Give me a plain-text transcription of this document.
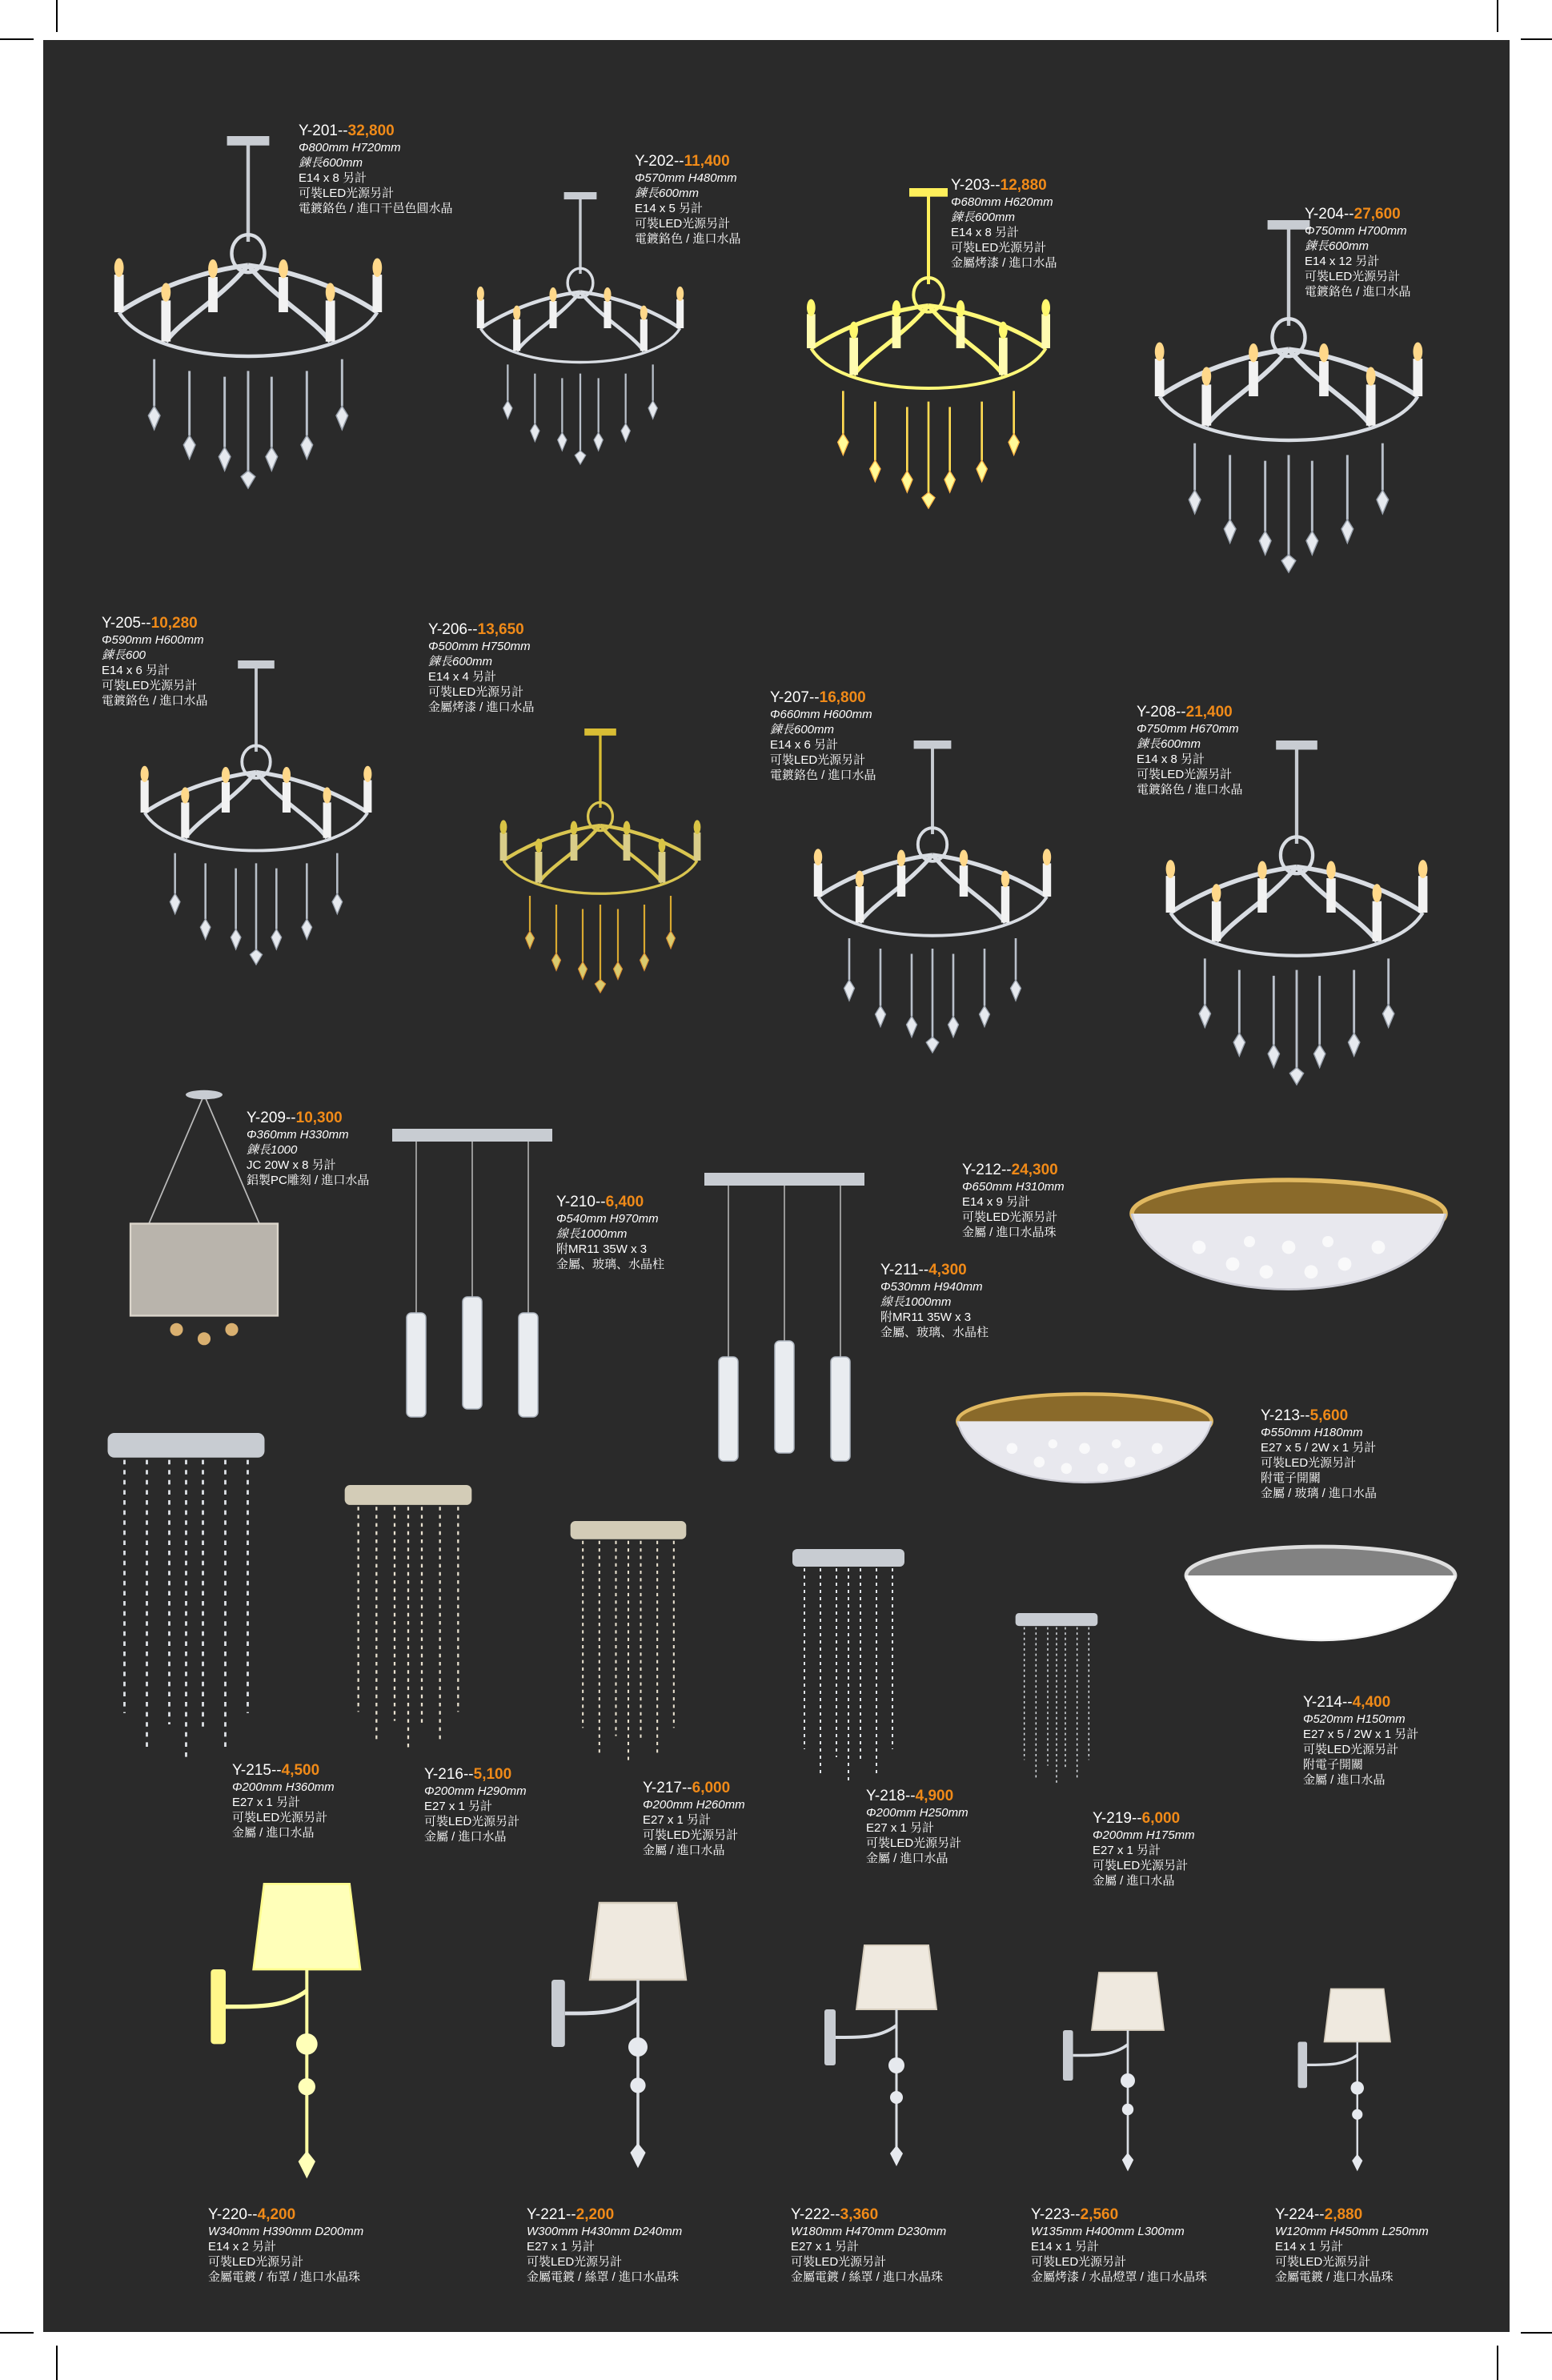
Y-201--32,800
Φ800mm H720mm
鍊長600mm
E14 x 8 另計
可裝LED光源另計
電鍍鉻色 / 進口干邑色圓水晶
Y-202--11,400
Φ570mm H480mm
鍊長600mm
E14 x 5 另計
可裝LED光源另計
電鍍鉻色 / 進口水晶
Y-203--12,880
Φ680mm H620mm
鍊長600mm
E14 x 8 另計
可裝LED光源另計
金屬烤漆 / 進口水晶
Y-204--27,600
Φ750mm H700mm
鍊長600mm
E14 x 12 另計
可裝LED光源另計
電鍍鉻色 / 進口水晶
Y-205--10,280
Φ590mm H600mm
鍊長600
E14 x 6 另計
可裝LED光源另計
電鍍鉻色 / 進口水晶
Y-206--13,650
Φ500mm H750mm
鍊長600mm
E14 x 4 另計
可裝LED光源另計
金屬烤漆 / 進口水晶
Y-207--16,800
Φ660mm H600mm
鍊長600mm
E14 x 6 另計
可裝LED光源另計
電鍍鉻色 / 進口水晶
Y-208--21,400
Φ750mm H670mm
鍊長600mm
E14 x 8 另計
可裝LED光源另計
電鍍鉻色 / 進口水晶
Y-209--10,300
Φ360mm H330mm
鍊長1000
JC 20W x 8 另計
鋁製PC雕刻 / 進口水晶
Y-210--6,400
Φ540mm H970mm
線長1000mm
附MR11 35W x 3
金屬、玻璃、水晶柱	Y-211--4,300
Φ530mm H940mm
線長1000mm
附MR11 35W x 3
金屬、玻璃、水晶柱
Y-212--24,300
Φ650mm H310mm
E14 x 9 另計
可裝LED光源另計
金屬 / 進口水晶珠
Y-213--5,600
Φ550mm H180mm
E27 x 5 / 2W x 1 另計
可裝LED光源另計
附電子開關
金屬 / 玻璃 / 進口水晶
Y-214--4,400
Φ520mm H150mm
E27 x 5 / 2W x 1 另計
可裝LED光源另計
附電子開關
金屬 / 進口水晶
Y-215--4,500
Φ200mm H360mm
E27 x 1 另計
可裝LED光源另計
金屬 / 進口水晶
Y-216--5,100
Φ200mm H290mm
E27 x 1 另計
可裝LED光源另計
金屬 / 進口水晶
Y-217--6,000
Φ200mm H260mm
E27 x 1 另計
可裝LED光源另計
金屬 / 進口水晶
Y-218--4,900
Φ200mm H250mm
E27 x 1 另計
可裝LED光源另計
金屬 / 進口水晶
Y-219--6,000
Φ200mm H175mm
E27 x 1 另計
可裝LED光源另計
金屬 / 進口水晶
Y-220--4,200
W340mm H390mm D200mm
E14 x 2 另計
可裝LED光源另計
金屬電鍍 / 布罩 / 進口水晶珠
Y-221--2,200
W300mm H430mm D240mm
E27 x 1 另計
可裝LED光源另計
金屬電鍍 / 絲罩 / 進口水晶珠
Y-222--3,360
W180mm H470mm D230mm
E27 x 1 另計
可裝LED光源另計
金屬電鍍 / 絲罩 / 進口水晶珠
Y-223--2,560
W135mm H400mm L300mm
E14 x 1 另計
可裝LED光源另計
金屬烤漆 / 水晶燈罩 / 進口水晶珠
Y-224--2,880
W120mm H450mm L250mm
E14 x 1 另計
可裝LED光源另計
金屬電鍍 / 進口水晶珠
